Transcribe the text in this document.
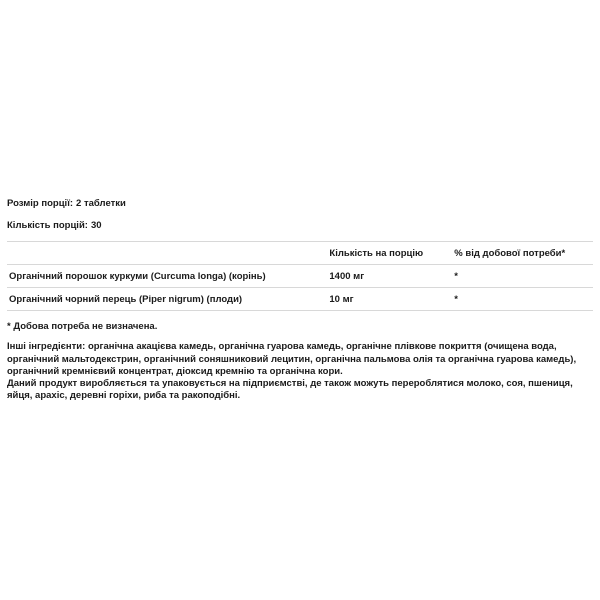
Розмір порції: 2 таблетки

Кількість порцій: 30

	Кількість на порцію	% від добової потреби*
Органічний порошок куркуми (Curcuma longa) (корінь)	1400 мг	*
Органічний чорний перець (Piper nigrum) (плоди)	10 мг	*

* Добова потреба не визначена.

Інші інгредієнти: органічна акацієва камедь, органічна гуарова камедь, органічне плівкове покриття (очищена вода,

органічний мальтодекстрин, органічний соняшниковий лецитин, органічна пальмова олія та органічна гуарова камедь),

органічний кремнієвий концентрат, діоксид кремнію та органічна кори.

Даний продукт виробляється та упаковується на підприємстві, де також можуть перероблятися молоко, соя, пшениця,

яйця, арахіс, деревні горіхи, риба та ракоподібні.
